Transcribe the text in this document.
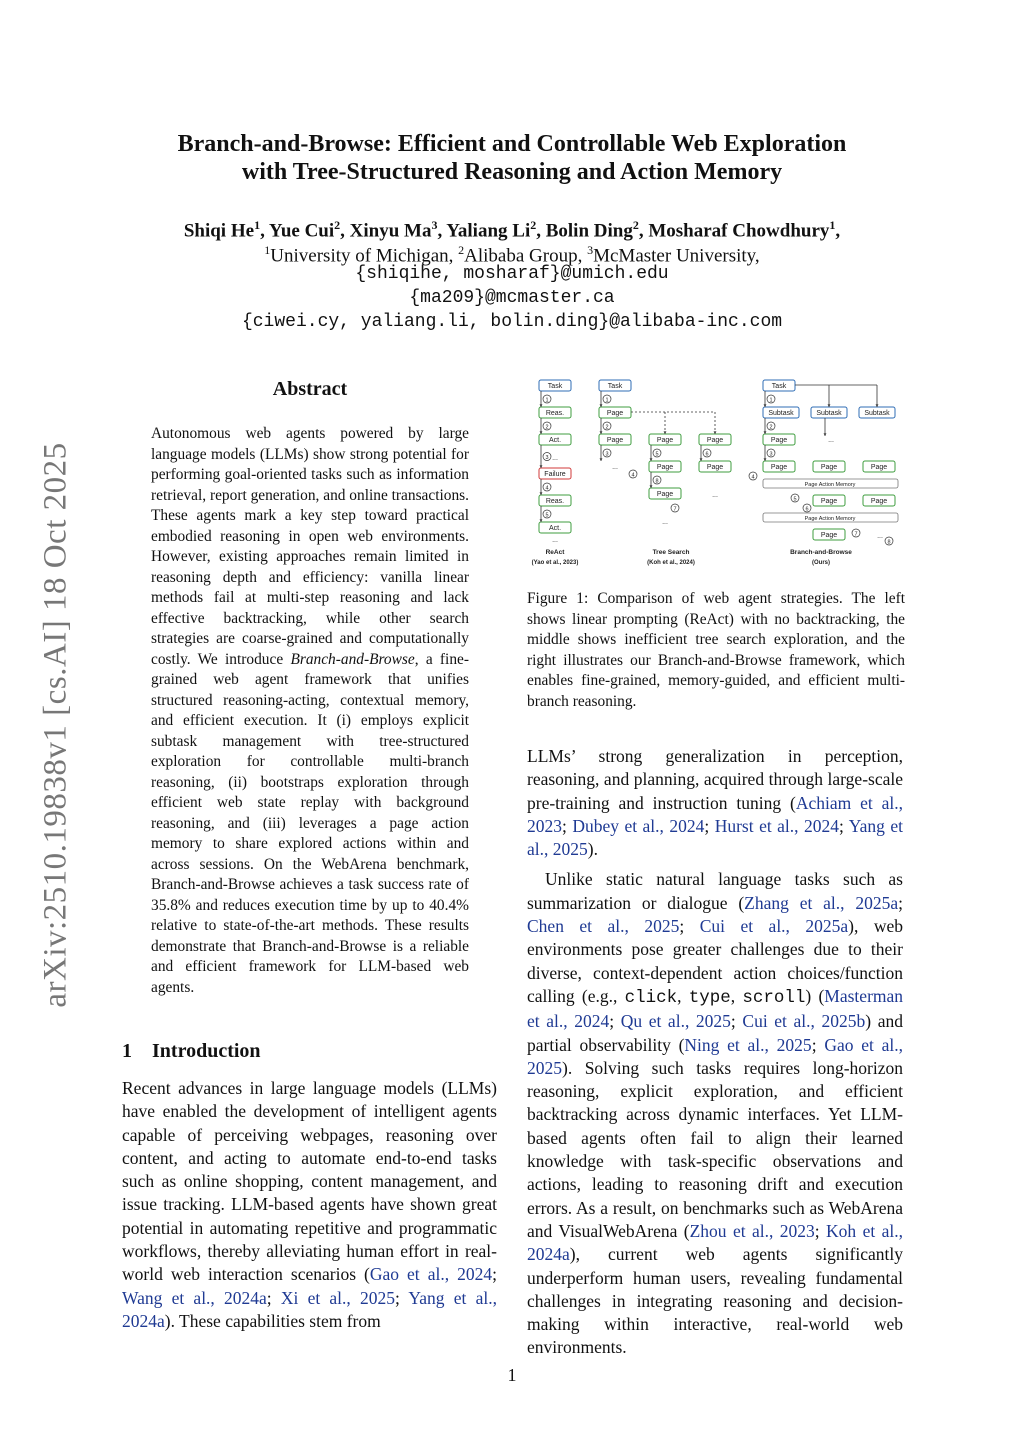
Branch-and-Browse: Efficient and Controllable Web Exploration
with Tree-Structured Reasoning and Action Memory
Shiqi He$^1$, Yue Cui$^2$, Xinyu Ma$^3$, Yaliang Li$^2$, Bolin Ding$^2$, Mosharaf Chowdhury$^1$,
$^1$University of Michigan, $^2$Alibaba Group, $^3$McMaster University,
{shiqihe, mosharaf}@umich.edu
{ma209}@mcmaster.ca
{ciwei.cy, yaliang.li, bolin.ding}@alibaba-inc.com
arXiv:2510.19838v1 [cs.AI] 18 Oct 2025
Abstract
Autonomous web agents powered by large language models (LLMs) show strong potential for performing goal-oriented tasks such as information retrieval, report generation, and online transactions. These agents mark a key step toward practical embodied reasoning in open web environments. However, existing approaches remain limited in reasoning depth and efficiency: vanilla linear methods fail at multi-step reasoning and lack effective backtracking, while other search strategies are coarse-grained and computationally costly. We introduce Branch-and-Browse, a fine-grained web agent framework that unifies structured reasoning-acting, contextual memory, and efficient execution. It (i) employs explicit subtask management with tree-structured exploration for controllable multi-branch reasoning, (ii) bootstraps exploration through efficient web state replay with background reasoning, and (iii) leverages a page action memory to share explored actions within and across sessions. On the WebArena benchmark, Branch-and-Browse achieves a task success rate of 35.8% and reduces execution time by up to 40.4% relative to state-of-the-art methods. These results demonstrate that Branch-and-Browse is a reliable and efficient framework for LLM-based web agents.
Task
Reas.
Act.
Failure
Reas.
Act.
1
2
3
4
5
...
...
ReAct
(Yao et al., 2023)
Task
Page
Page	Page	Page
Page	Page
Page
1
2
3
...
4
5	6
8
...
7
...
Tree Search
(Koh et al., 2024)
Task
Subtask	Subtask	Subtask
1
Page
2
...
Page	Page	Page
3
4
Page Action Memory
Page	Page
5
6
Page Action Memory
Page	7
8
...
Branch-and-Browse
(Ours)
Figure 1: Comparison of web agent strategies. The left shows linear prompting (ReAct) with no backtracking, the middle shows inefficient tree search exploration, and the right illustrates our Branch-and-Browse framework, which enables fine-grained, memory-guided, and efficient multi-branch reasoning.
1 Introduction
Recent advances in large language models (LLMs) have enabled the development of intelligent agents capable of perceiving webpages, reasoning over content, and acting to automate end-to-end tasks such as online shopping, content management, and issue tracking. LLM-based agents have shown great potential in automating repetitive and programmatic workflows, thereby alleviating human effort in real-world web interaction scenarios (Gao et al., 2024; Wang et al., 2024a; Xi et al., 2025; Yang et al., 2024a). These capabilities stem from

LLMs’ strong generalization in perception, reasoning, and planning, acquired through large-scale pre-training and instruction tuning (Achiam et al., 2023; Dubey et al., 2024; Hurst et al., 2024; Yang et al., 2025).

Unlike static natural language tasks such as summarization or dialogue (Zhang et al., 2025a; Chen et al., 2025; Cui et al., 2025a), web environments pose greater challenges due to their diverse, context-dependent action choices/function calling (e.g., click, type, scroll) (Masterman et al., 2024; Qu et al., 2025; Cui et al., 2025b) and partial observability (Ning et al., 2025; Gao et al., 2025). Solving such tasks requires long-horizon reasoning, explicit exploration, and efficient backtracking across dynamic interfaces. Yet LLM-based agents often fail to align their learned knowledge with task-specific observations and actions, leading to reasoning drift and execution errors. As a result, on benchmarks such as WebArena and VisualWebArena (Zhou et al., 2023; Koh et al., 2024a), current web agents significantly underperform human users, revealing fundamental challenges in integrating reasoning and decision-making within interactive, real-world web environments.

1
